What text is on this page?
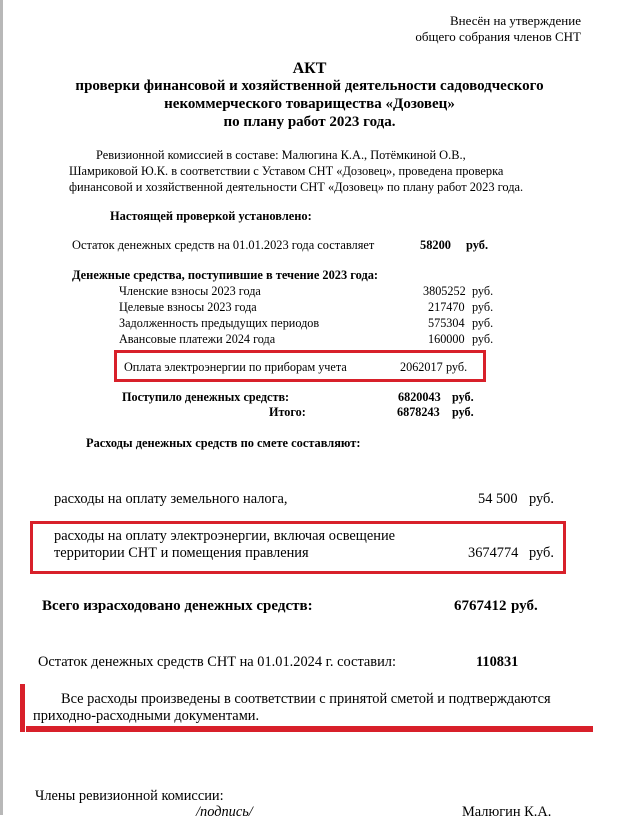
Внесён на утверждение
общего собрания членов СНТ
АКТ
проверки финансовой и хозяйственной деятельности садоводческого
некоммерческого товарищества «Дозовец»
по плану работ 2023 года.
Ревизионной комиссией в составе: Малюгина К.А., Потёмкиной О.В.,
Шамриковой Ю.К. в соответствии с Уставом СНТ «Дозовец», проведена проверка
финансовой и хозяйственной деятельности СНТ «Дозовец» по плану работ 2023 года.
Настоящей проверкой установлено:
Остаток денежных средств на 01.01.2023 года составляет	58200 руб.
Денежные средства, поступившие в течение 2023 года:
Членские взносы 2023 года	3805252 руб.
Целевые взносы 2023 года	217470 руб.
Задолженность предыдущих периодов	575304 руб.
Авансовые платежи 2024 года	160000 руб.
Оплата электроэнергии по приборам учета	2062017 руб.
Поступило денежных средств:	6820043 руб.
Итого:	6878243 руб.
Расходы денежных средств по смете составляют:
расходы на оплату земельного налога,	54 500 руб.
расходы на оплату электроэнергии, включая освещение
территории СНТ и помещения правления	3674774 руб.
Всего израсходовано денежных средств:	6767412 руб.
Остаток денежных средств СНТ на 01.01.2024 г. составил:	110831
Все расходы произведены в соответствии с принятой сметой и подтверждаются
приходно-расходными документами.
Члены ревизионной комиссии:
/подпись/	Малюгин К.А.
